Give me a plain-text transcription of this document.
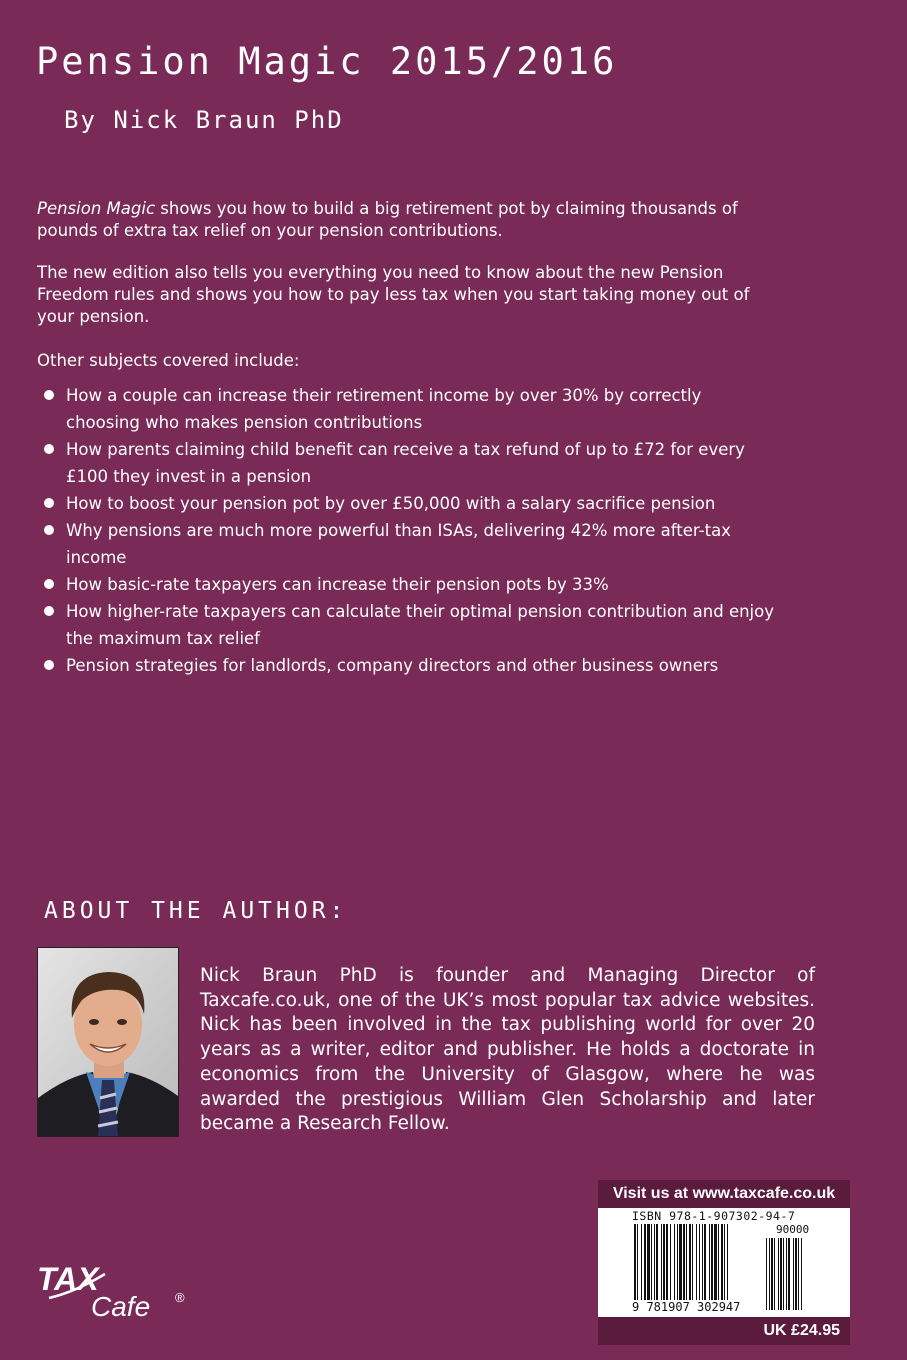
Pension Magic 2015/2016
By Nick Braun PhD

Pension Magic shows you how to build a big retirement pot by claiming thousands of pounds of extra tax relief on your pension contributions.

The new edition also tells you everything you need to know about the new Pension Freedom rules and shows you how to pay less tax when you start taking money out of your pension.

Other subjects covered include:

How a couple can increase their retirement income by over 30% by correctly choosing who makes pension contributions
How parents claiming child benefit can receive a tax refund of up to £72 for every £100 they invest in a pension
How to boost your pension pot by over £50,000 with a salary sacrifice pension
Why pensions are much more powerful than ISAs, delivering 42% more after-tax income
How basic-rate taxpayers can increase their pension pots by 33%
How higher-rate taxpayers can calculate their optimal pension contribution and enjoy the maximum tax relief
Pension strategies for landlords, company directors and other business owners
ABOUT THE AUTHOR:

Nick Braun PhD is founder and Managing Director of Taxcafe.co.uk, one of the UK’s most popular tax advice websites. Nick has been involved in the tax publishing world for over 20 years as a writer, editor and publisher. He holds a doctorate in economics from the University of Glasgow, where he was awarded the prestigious William Glen Scholarship and later became a Research Fellow.

TAX
Cafe ®
Visit us at www.taxcafe.co.uk
ISBN 978-1-907302-94-7
90000
9 781907 302947
UK £24.95
